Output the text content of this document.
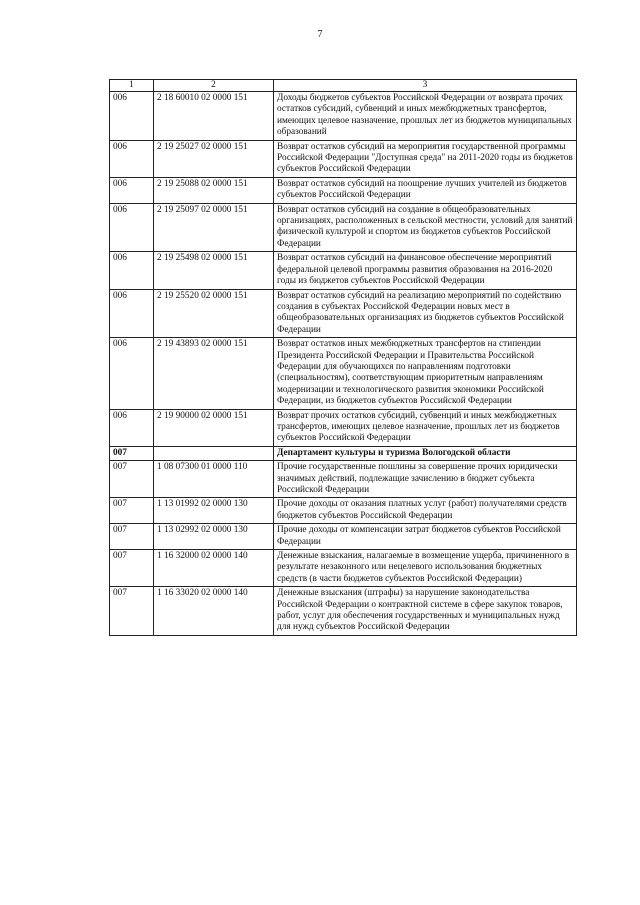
7
1	2	3
006	2 18 60010 02 0000 151	Доходы бюджетов субъектов Российской Федерации от возврата прочих остатков субсидий, субвенций и иных межбюджетных трансфертов, имеющих целевое назначение, прошлых лет из бюджетов муниципальных образований
006	2 19 25027 02 0000 151	Возврат остатков субсидий на мероприятия государственной программы Российской Федерации "Доступная среда" на 2011-2020 годы из бюджетов субъектов Российской Федерации
006	2 19 25088 02 0000 151	Возврат остатков субсидий на поощрение лучших учителей из бюджетов субъектов Российской Федерации
006	2 19 25097 02 0000 151	Возврат остатков субсидий на создание в общеобразовательных организациях, расположенных в сельской местности, условий для занятий физической культурой и спортом из бюджетов субъектов Российской Федерации
006	2 19 25498 02 0000 151	Возврат остатков субсидий на финансовое обеспечение мероприятий федеральной целевой программы развития образования на 2016-2020 годы из бюджетов субъектов Российской Федерации
006	2 19 25520 02 0000 151	Возврат остатков субсидий на реализацию мероприятий по содействию создания в субъектах Российской Федерации новых мест в общеобразовательных организациях из бюджетов субъектов Российской Федерации
006	2 19 43893 02 0000 151	Возврат остатков иных межбюджетных трансфертов на стипендии Президента Российской Федерации и Правительства Российской Федерации для обучающихся по направлениям подготовки (специальностям), соответствующим приоритетным направлениям модернизации и технологического развития экономики Российской Федерации, из бюджетов субъектов Российской Федерации
006	2 19 90000 02 0000 151	Возврат прочих остатков субсидий, субвенций и иных межбюджетных трансфертов, имеющих целевое назначение, прошлых лет из бюджетов субъектов Российской Федерации
007		Департамент культуры и туризма Вологодской области
007	1 08 07300 01 0000 110	Прочие государственные пошлины за совершение прочих юридически значимых действий, подлежащие зачислению в бюджет субъекта Российской Федерации
007	1 13 01992 02 0000 130	Прочие доходы от оказания платных услуг (работ) получателями средств бюджетов субъектов Российской Федерации
007	1 13 02992 02 0000 130	Прочие доходы от компенсации затрат бюджетов субъектов Российской Федерации
007	1 16 32000 02 0000 140	Денежные взыскания, налагаемые в возмещение ущерба, причиненного в результате незаконного или нецелевого использования бюджетных средств (в части бюджетов субъектов Российской Федерации)
007	1 16 33020 02 0000 140	Денежные взыскания (штрафы) за нарушение законодательства Российской Федерации о контрактной системе в сфере закупок товаров, работ, услуг для обеспечения государственных и муниципальных нужд для нужд субъектов Российской Федерации
